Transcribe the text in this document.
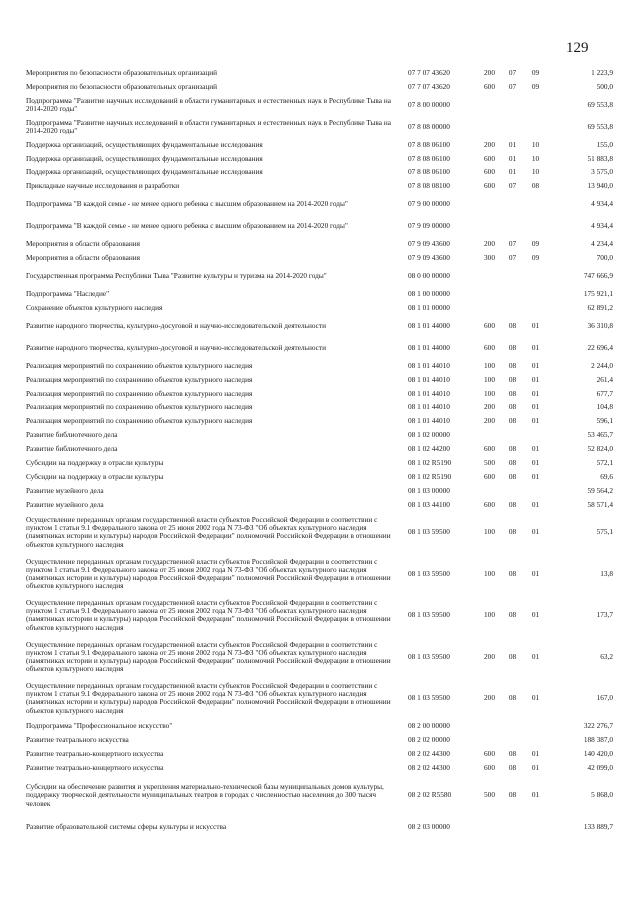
129
Мероприятия по безопасности образовательных организаций	07 7 07 43620	200	07	09	1 223,9
Мероприятия по безопасности образовательных организаций	07 7 07 43620	600	07	09	500,0
Подпрограмма "Развитие научных исследований в области гуманитарных и естественных наук в Республике Тыва на 2014-2020 годы"	07 8 00 00000				69 553,8
Подпрограмма "Развитие научных исследований в области гуманитарных и естественных наук в Республике Тыва на 2014-2020 годы"	07 8 08 00000				69 553,8
Поддержка организаций, осуществляющих фундаментальные исследования	07 8 08 06100	200	01	10	155,0
Поддержка организаций, осуществляющих фундаментальные исследования	07 8 08 06100	600	01	10	51 883,8
Поддержка организаций, осуществляющих фундаментальные исследования	07 8 08 06100	600	01	10	3 575,0
Прикладные научные исследования и разработки	07 8 08 08100	600	07	08	13 940,0
Подпрограмма "В каждой семье - не менее одного ребенка с высшим образованием на 2014-2020 годы"	07 9 00 00000				4 934,4
Подпрограмма "В каждой семье - не менее одного ребенка с высшим образованием на 2014-2020 годы"	07 9 09 00000				4 934,4
Мероприятия в области образования	07 9 09 43600	200	07	09	4 234,4
Мероприятия в области образования	07 9 09 43600	300	07	09	700,0
Государственная программа Республики Тыва "Развитие культуры и туризма на 2014-2020 годы"	08 0 00 00000				747 666,9
Подпрограмма "Наследие"	08 1 00 00000				175 921,1
Сохранение объектов культурного наследия	08 1 01 00000				62 891,2
Развитие народного творчества, культурно-досуговой и научно-исследовательской деятельности	08 1 01 44000	600	08	01	36 310,8
Развитие народного творчества, культурно-досуговой и научно-исследовательской деятельности	08 1 01 44000	600	08	01	22 696,4
Реализация мероприятий по сохранению объектов культурного наследия	08 1 01 44010	100	08	01	2 244,0
Реализация мероприятий по сохранению объектов культурного наследия	08 1 01 44010	100	08	01	261,4
Реализация мероприятий по сохранению объектов культурного наследия	08 1 01 44010	100	08	01	677,7
Реализация мероприятий по сохранению объектов культурного наследия	08 1 01 44010	200	08	01	104,8
Реализация мероприятий по сохранению объектов культурного наследия	08 1 01 44010	200	08	01	596,1
Развитие библиотечного дела	08 1 02 00000				53 465,7
Развитие библиотечного дела	08 1 02 44200	600	08	01	52 824,0
Субсидии на поддержку в отрасли культуры	08 1 02 R5190	500	08	01	572,1
Субсидии на поддержку в отрасли культуры	08 1 02 R5190	600	08	01	69,6
Развитие музейного дела	08 1 03 00000				59 564,2
Развитие музейного дела	08 1 03 44100	600	08	01	58 571,4
Осуществление переданных органам государственной власти субъектов Российской Федерации в соответствии с пунктом 1 статьи 9.1 Федерального закона от 25 июня 2002 года N 73-ФЗ "Об объектах культурного наследия (памятниках истории и культуры) народов Российской Федерации" полномочий Российской Федерации в отношении объектов культурного наследия	08 1 03 59500	100	08	01	575,1
Осуществление переданных органам государственной власти субъектов Российской Федерации в соответствии с пунктом 1 статьи 9.1 Федерального закона от 25 июня 2002 года N 73-ФЗ "Об объектах культурного наследия (памятниках истории и культуры) народов Российской Федерации" полномочий Российской Федерации в отношении объектов культурного наследия	08 1 03 59500	100	08	01	13,8
Осуществление переданных органам государственной власти субъектов Российской Федерации в соответствии с пунктом 1 статьи 9.1 Федерального закона от 25 июня 2002 года N 73-ФЗ "Об объектах культурного наследия (памятниках истории и культуры) народов Российской Федерации" полномочий Российской Федерации в отношении объектов культурного наследия	08 1 03 59500	100	08	01	173,7
Осуществление переданных органам государственной власти субъектов Российской Федерации в соответствии с пунктом 1 статьи 9.1 Федерального закона от 25 июня 2002 года N 73-ФЗ "Об объектах культурного наследия (памятниках истории и культуры) народов Российской Федерации" полномочий Российской Федерации в отношении объектов культурного наследия	08 1 03 59500	200	08	01	63,2
Осуществление переданных органам государственной власти субъектов Российской Федерации в соответствии с пунктом 1 статьи 9.1 Федерального закона от 25 июня 2002 года N 73-ФЗ "Об объектах культурного наследия (памятниках истории и культуры) народов Российской Федерации" полномочий Российской Федерации в отношении объектов культурного наследия	08 1 03 59500	200	08	01	167,0
Подпрограмма "Профессиональное искусство"	08 2 00 00000				322 276,7
Развитие театрального искусства	08 2 02 00000				188 387,0
Развитие театрально-концертного искусства	08 2 02 44300	600	08	01	140 420,0
Развитие театрально-концертного искусства	08 2 02 44300	600	08	01	42 099,0
Субсидии на обеспечение развития и укрепления материально-технической базы муниципальных домов культуры, поддержку творческой деятельности муниципальных театров в городах с численностью населения до 300 тысяч человек	08 2 02 R5580	500	08	01	5 868,0
Развитие образовательной системы сферы культуры и искусства	08 2 03 00000				133 889,7
